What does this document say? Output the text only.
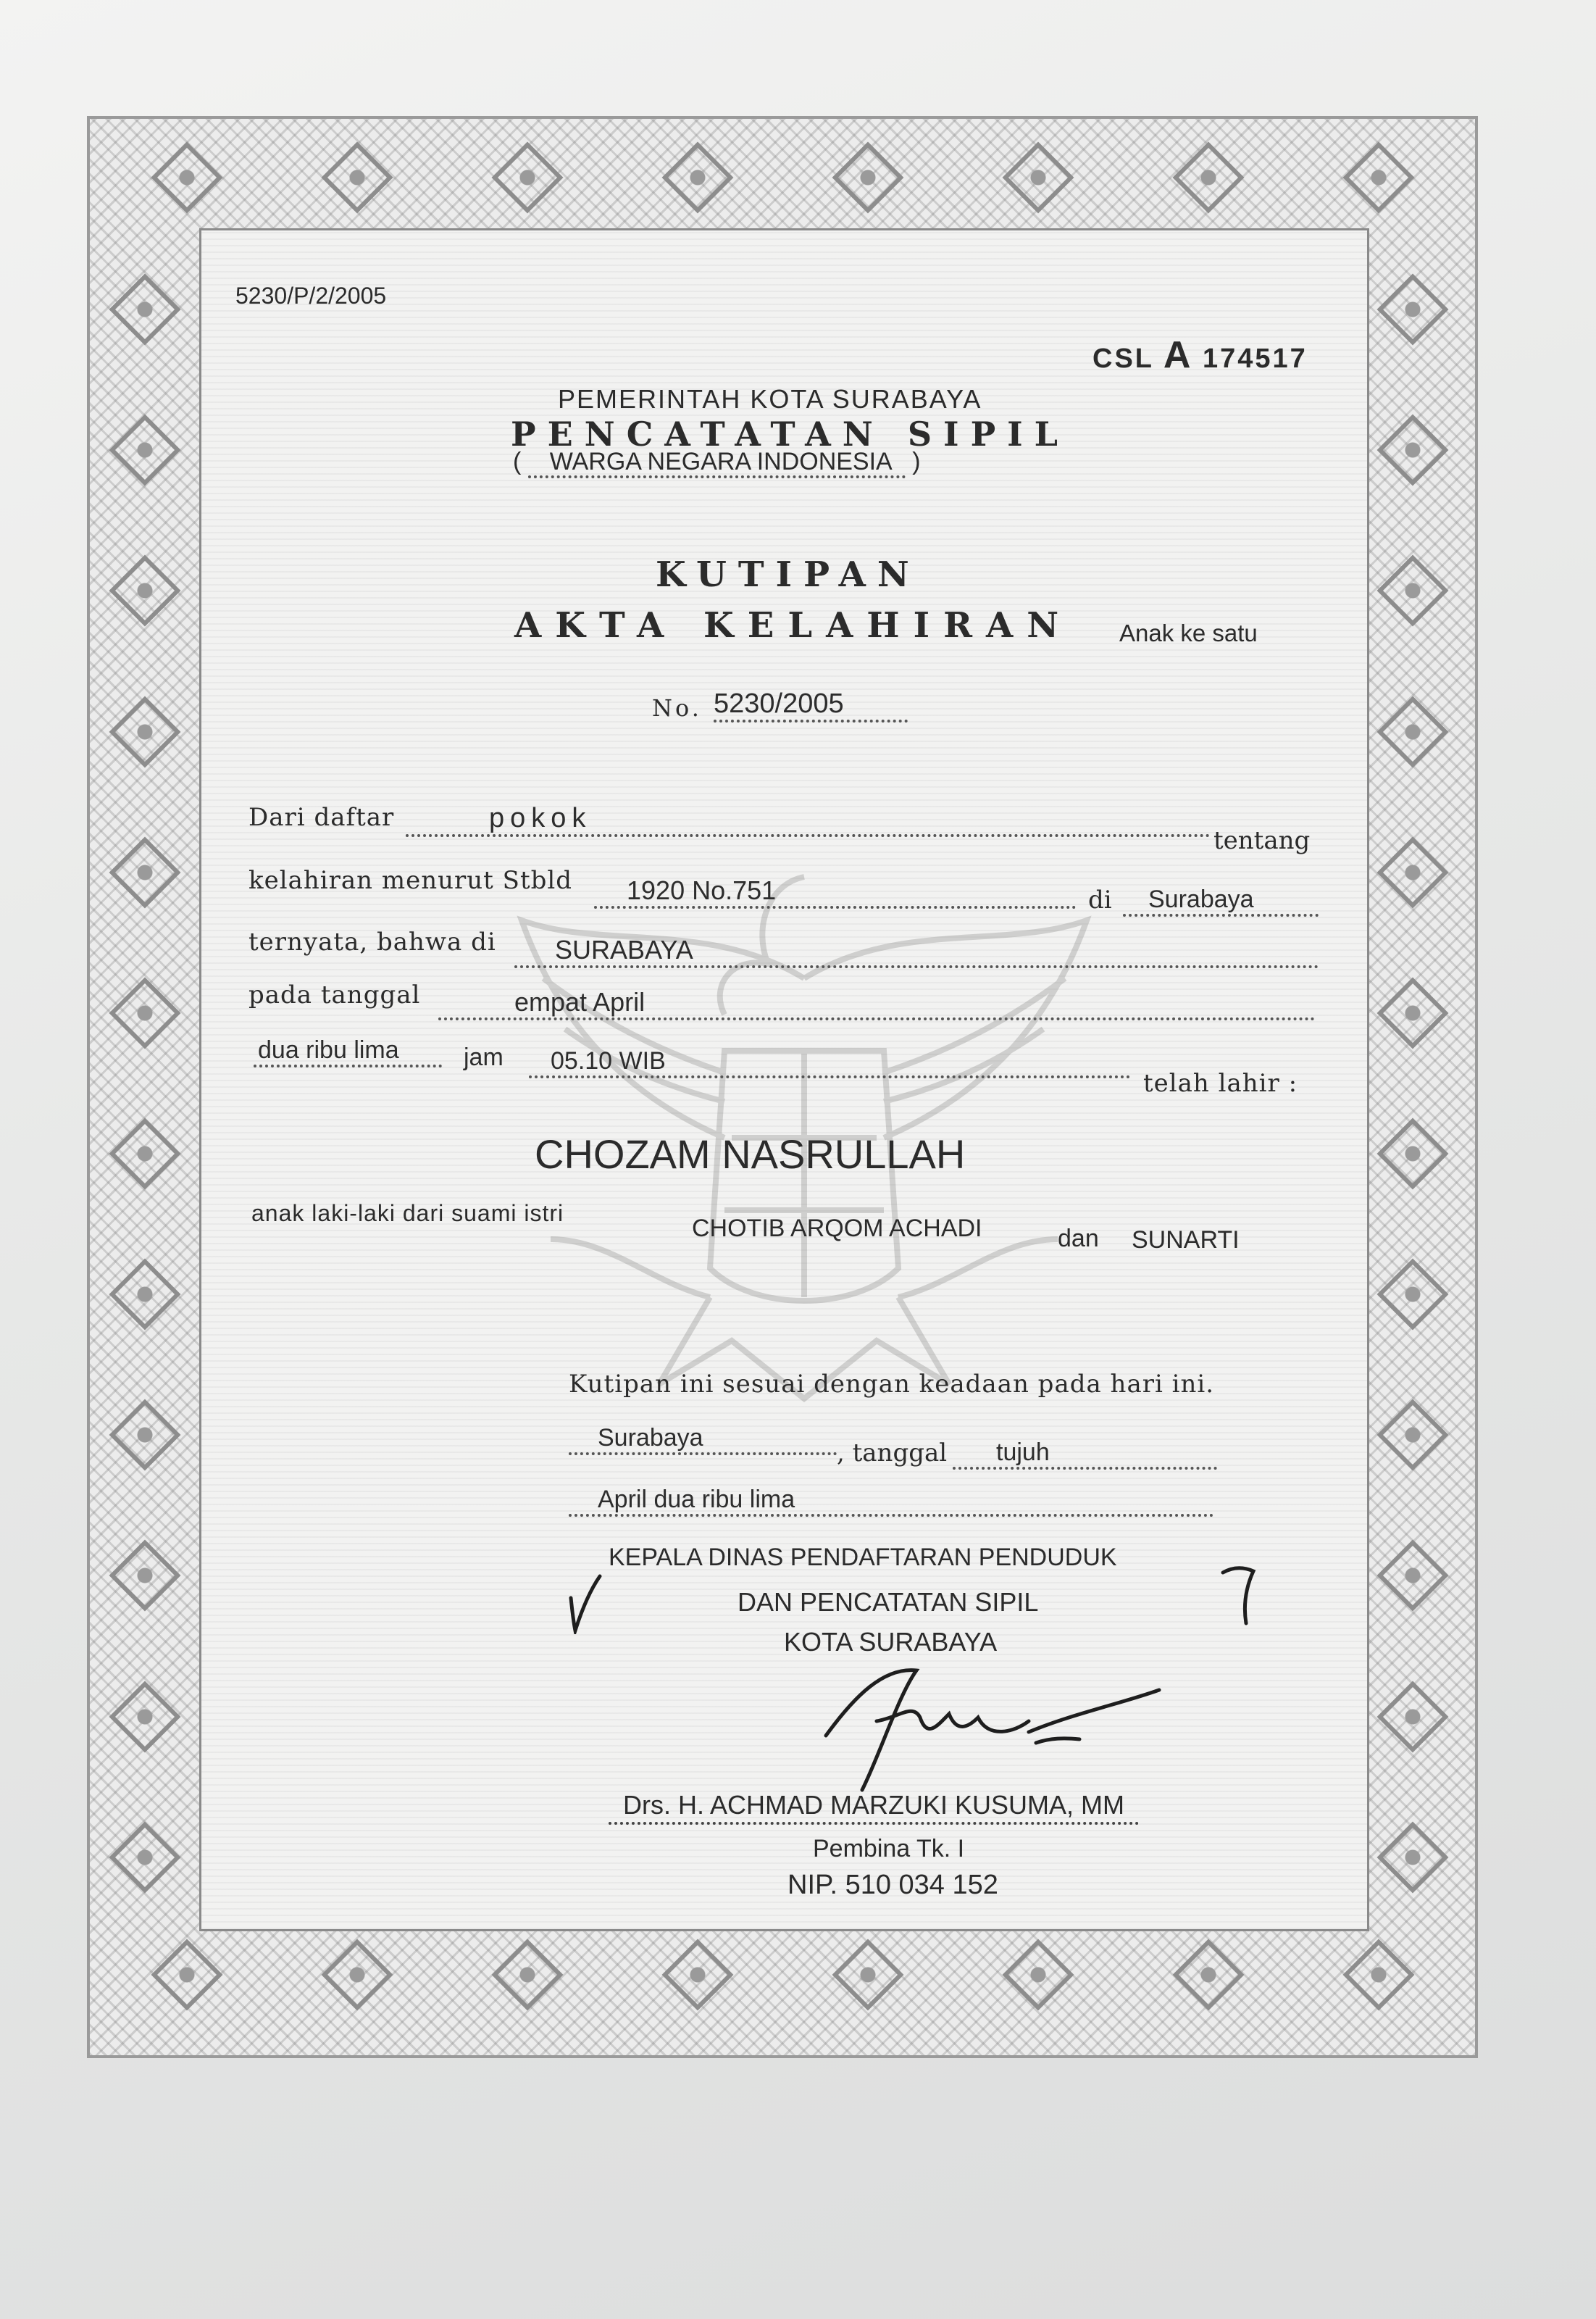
5230/P/2/2005
CSL A 174517
PEMERINTAH KOTA SURABAYA
PENCATATAN SIPIL
( WARGA NEGARA INDONESIA )
KUTIPAN
AKTA KELAHIRAN Anak ke satu
No. 5230/2005
Dari daftar	pokok
tentang
kelahiran menurut Stbld	1920 No.751	di	Surabaya
ternyata, bahwa di	SURABAYA
pada tanggal	empat April
dua ribu lima	jam	05.10 WIB
telah lahir :
CHOZAM NASRULLAH
anak laki-laki dari suami istri
CHOTIB ARQOM ACHADI	dan SUNARTI
Kutipan ini sesuai dengan keadaan pada hari ini.
Surabaya
, tanggal	tujuh
April dua ribu lima
KEPALA DINAS PENDAFTARAN PENDUDUK
DAN PENCATATAN SIPIL
KOTA SURABAYA
Drs. H. ACHMAD MARZUKI KUSUMA, MM
Pembina Tk. I
NIP. 510 034 152
